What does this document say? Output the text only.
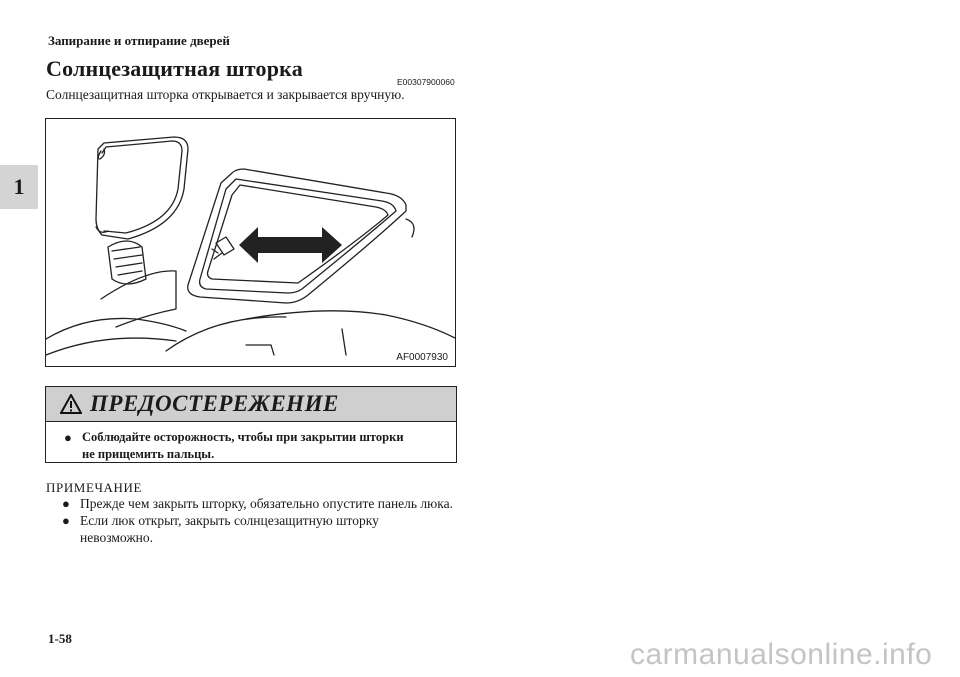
Запирание и отпирание дверей
1
Солнцезащитная шторка
E00307900060
Солнцезащитная шторка открывается и закрывается вручную.
AF0007930
ПРЕДОСТЕРЕЖЕНИЕ
● Соблюдайте осторожность, чтобы при закрытии шторки
не прищемить пальцы.
ПРИМЕЧАНИЕ
● Прежде чем закрыть шторку, обязательно опустите панель люка.
● Если люк открыт, закрыть солнцезащитную шторку
невозможно.
1-58	carmanualsonline.info
